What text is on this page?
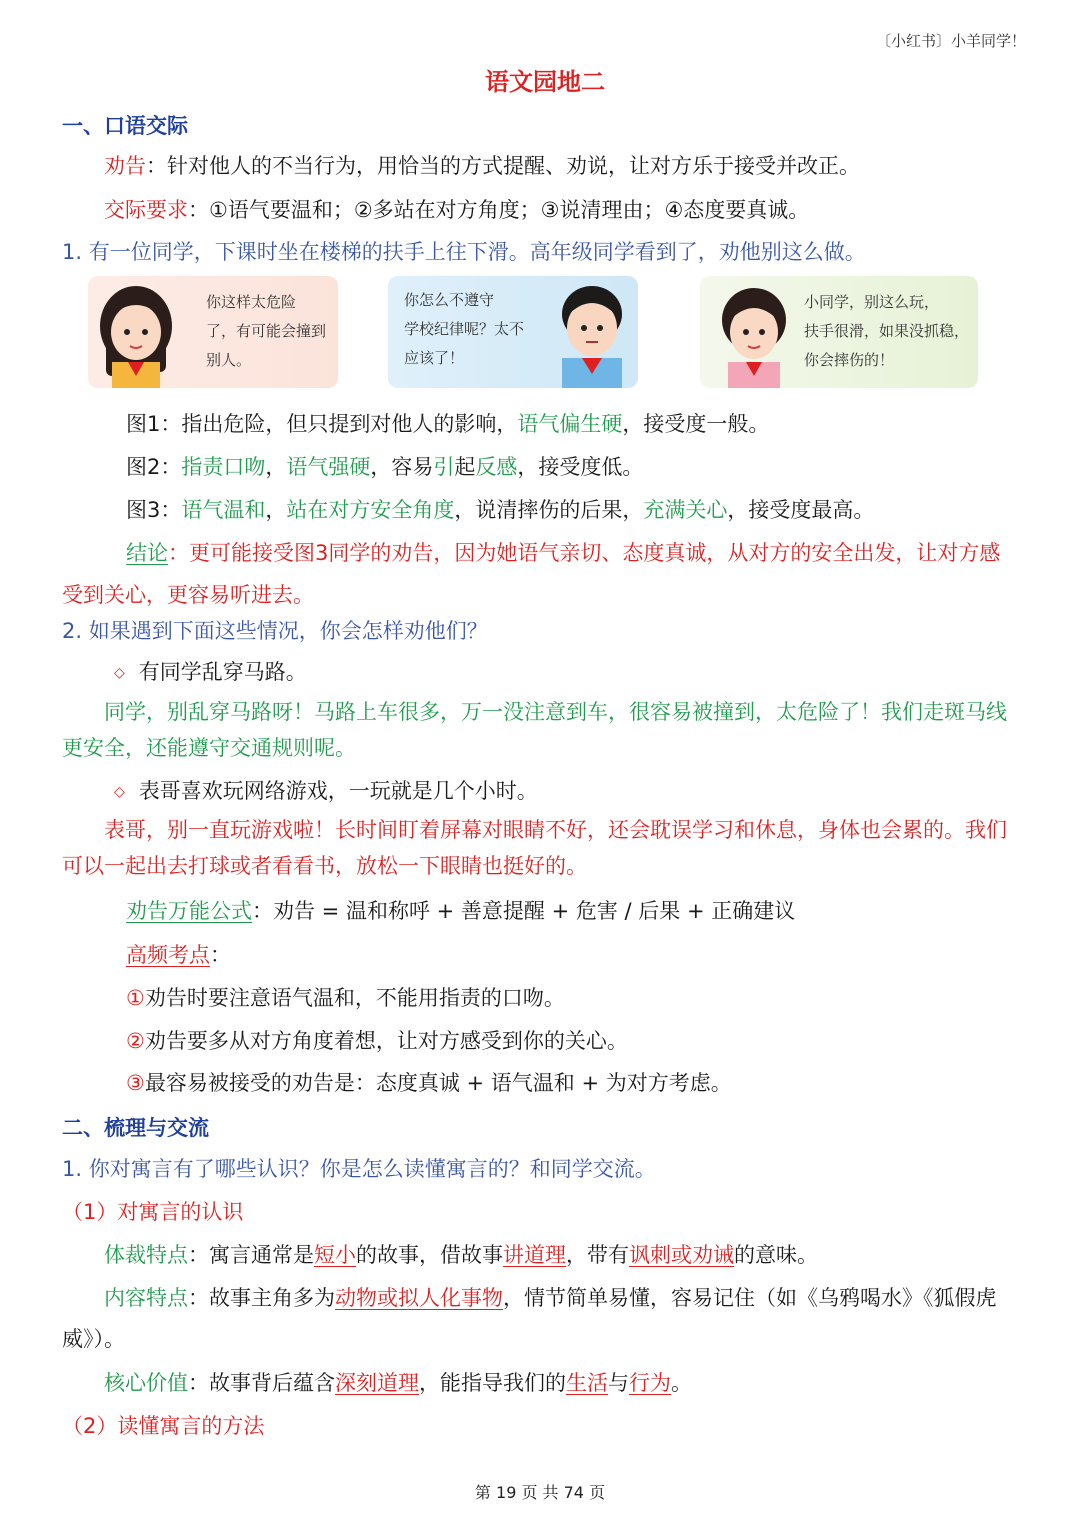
〔小红书〕小羊同学！
语文园地二
一、口语交际
劝告：针对他人的不当行为，用恰当的方式提醒、劝说，让对方乐于接受并改正。
交际要求：①语气要温和；②多站在对方角度；③说清理由；④态度要真诚。
1. 有一位同学，下课时坐在楼梯的扶手上往下滑。高年级同学看到了，劝他别这么做。
你这样太危险
了，有可能会撞到
别人。
你怎么不遵守
学校纪律呢？太不
应该了！
小同学，别这么玩，
扶手很滑，如果没抓稳，
你会摔伤的！
图1：指出危险，但只提到对他人的影响，语气偏生硬，接受度一般。
图2：指责口吻，语气强硬，容易引起反感，接受度低。
图3：语气温和，站在对方安全角度，说清摔伤的后果，充满关心，接受度最高。
结论：更可能接受图3同学的劝告，因为她语气亲切、态度真诚，从对方的安全出发，让对方感
受到关心，更容易听进去。
2. 如果遇到下面这些情况，你会怎样劝他们？
◇ 有同学乱穿马路。
同学，别乱穿马路呀！马路上车很多，万一没注意到车，很容易被撞到，太危险了！我们走斑马线
更安全，还能遵守交通规则呢。
◇ 表哥喜欢玩网络游戏，一玩就是几个小时。
表哥，别一直玩游戏啦！长时间盯着屏幕对眼睛不好，还会耽误学习和休息，身体也会累的。我们
可以一起出去打球或者看看书，放松一下眼睛也挺好的。
劝告万能公式：劝告 = 温和称呼 + 善意提醒 + 危害 / 后果 + 正确建议
高频考点：
①劝告时要注意语气温和，不能用指责的口吻。
②劝告要多从对方角度着想，让对方感受到你的关心。
③最容易被接受的劝告是：态度真诚 + 语气温和 + 为对方考虑。
二、梳理与交流
1. 你对寓言有了哪些认识？你是怎么读懂寓言的？和同学交流。
（1）对寓言的认识
体裁特点：寓言通常是短小的故事，借故事讲道理，带有讽刺或劝诫的意味。
内容特点：故事主角多为动物或拟人化事物，情节简单易懂，容易记住（如《乌鸦喝水》《狐假虎
威》）。
核心价值：故事背后蕴含深刻道理，能指导我们的生活与行为。
（2）读懂寓言的方法
第 19 页 共 74 页
